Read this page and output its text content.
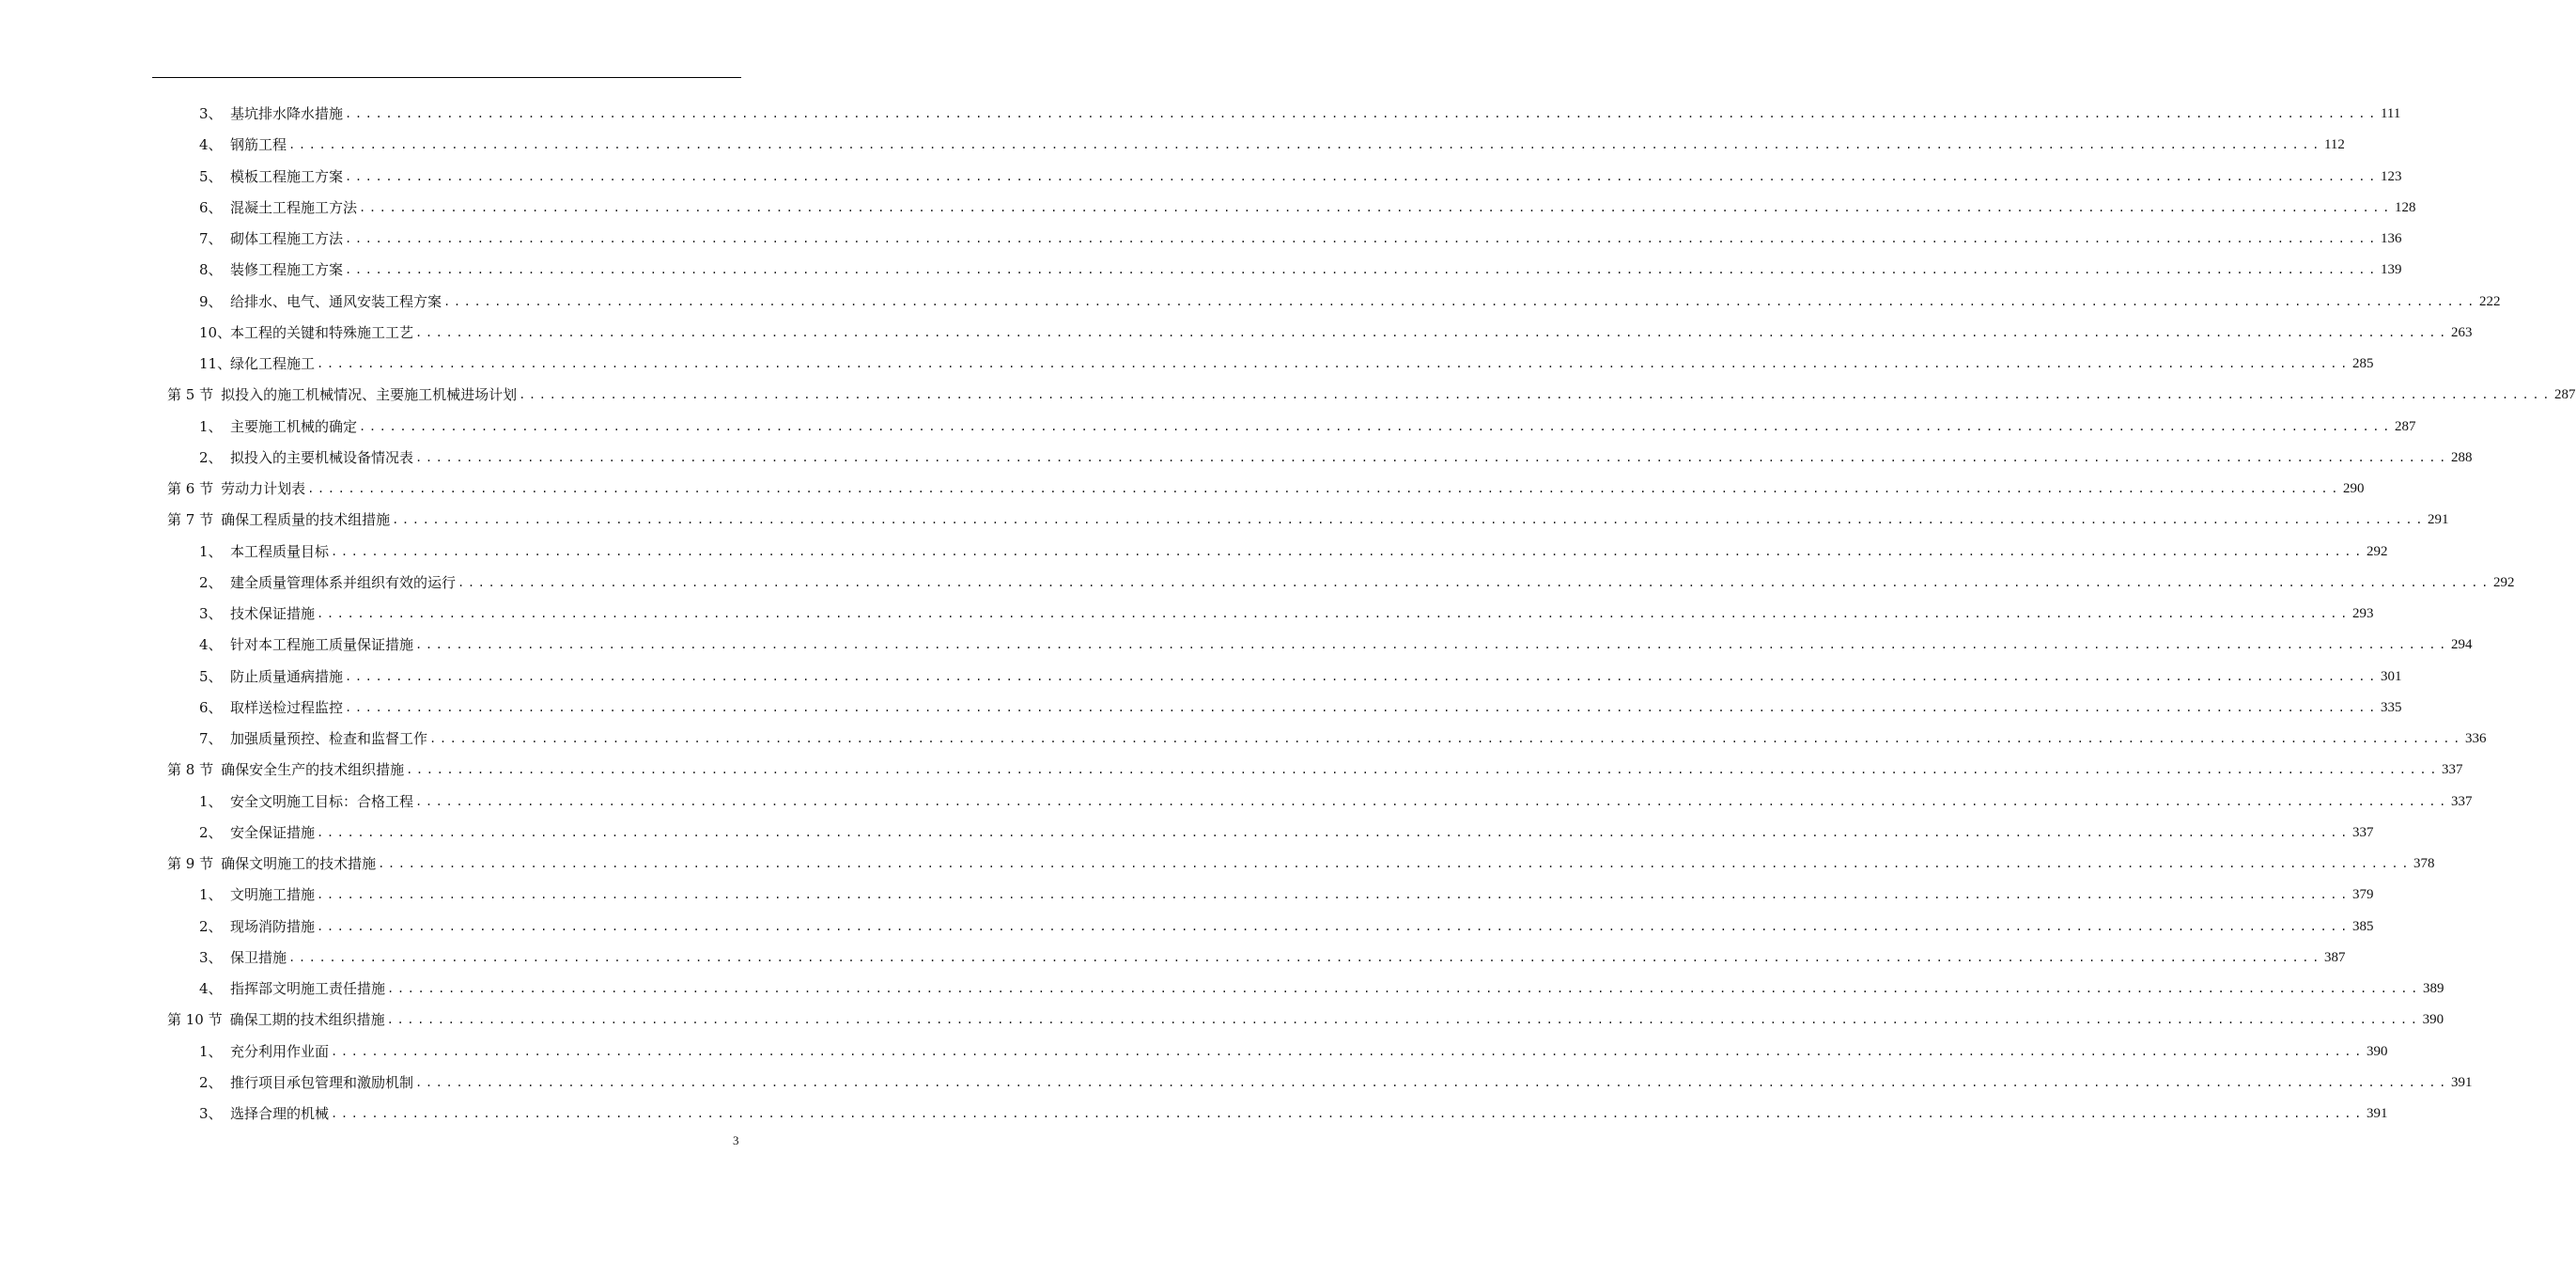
3、 基坑排水降水措施 ........................................................................................................................................................................................................ 111
4、 钢筋工程 ........................................................................................................................................................................................................ 112
5、 模板工程施工方案 ........................................................................................................................................................................................................ 123
6、 混凝土工程施工方法 ........................................................................................................................................................................................................ 128
7、 砌体工程施工方法 ........................................................................................................................................................................................................ 136
8、 装修工程施工方案 ........................................................................................................................................................................................................ 139
9、 给排水、电气、通风安装工程方案 ........................................................................................................................................................................................................ 222
10、
本工程的关键和特殊施工工艺 ........................................................................................................................................................................................................ 263
11、
绿化工程施工 ........................................................................................................................................................................................................ 285
第 5 节 拟投入的施工机械情况、主要施工机械进场计划 ........................................................................................................................................................................................................ 287
1、 主要施工机械的确定 ........................................................................................................................................................................................................ 287
2、 拟投入的主要机械设备情况表 ........................................................................................................................................................................................................ 288
第 6 节 劳动力计划表 ........................................................................................................................................................................................................ 290
第 7 节 确保工程质量的技术组措施 ........................................................................................................................................................................................................ 291
1、 本工程质量目标 ........................................................................................................................................................................................................ 292
2、 建全质量管理体系并组织有效的运行 ........................................................................................................................................................................................................ 292
3、 技术保证措施 ........................................................................................................................................................................................................ 293
4、 针对本工程施工质量保证措施 ........................................................................................................................................................................................................ 294
5、 防止质量通病措施 ........................................................................................................................................................................................................ 301
6、 取样送检过程监控 ........................................................................................................................................................................................................ 335
7、 加强质量预控、检查和监督工作 ........................................................................................................................................................................................................ 336
第 8 节 确保安全生产的技术组织措施 ........................................................................................................................................................................................................ 337
1、 安全文明施工目标：合格工程 ........................................................................................................................................................................................................ 337
2、 安全保证措施 ........................................................................................................................................................................................................ 337
第 9 节 确保文明施工的技术措施 ........................................................................................................................................................................................................ 378
1、 文明施工措施 ........................................................................................................................................................................................................ 379
2、 现场消防措施 ........................................................................................................................................................................................................ 385
3、 保卫措施 ........................................................................................................................................................................................................ 387
4、 指挥部文明施工责任措施 ........................................................................................................................................................................................................ 389
第 10 节 确保工期的技术组织措施 ........................................................................................................................................................................................................ 390
1、 充分利用作业面 ........................................................................................................................................................................................................ 390
2、 推行项目承包管理和激励机制 ........................................................................................................................................................................................................ 391
3、 选择合理的机械 ........................................................................................................................................................................................................ 391
3
